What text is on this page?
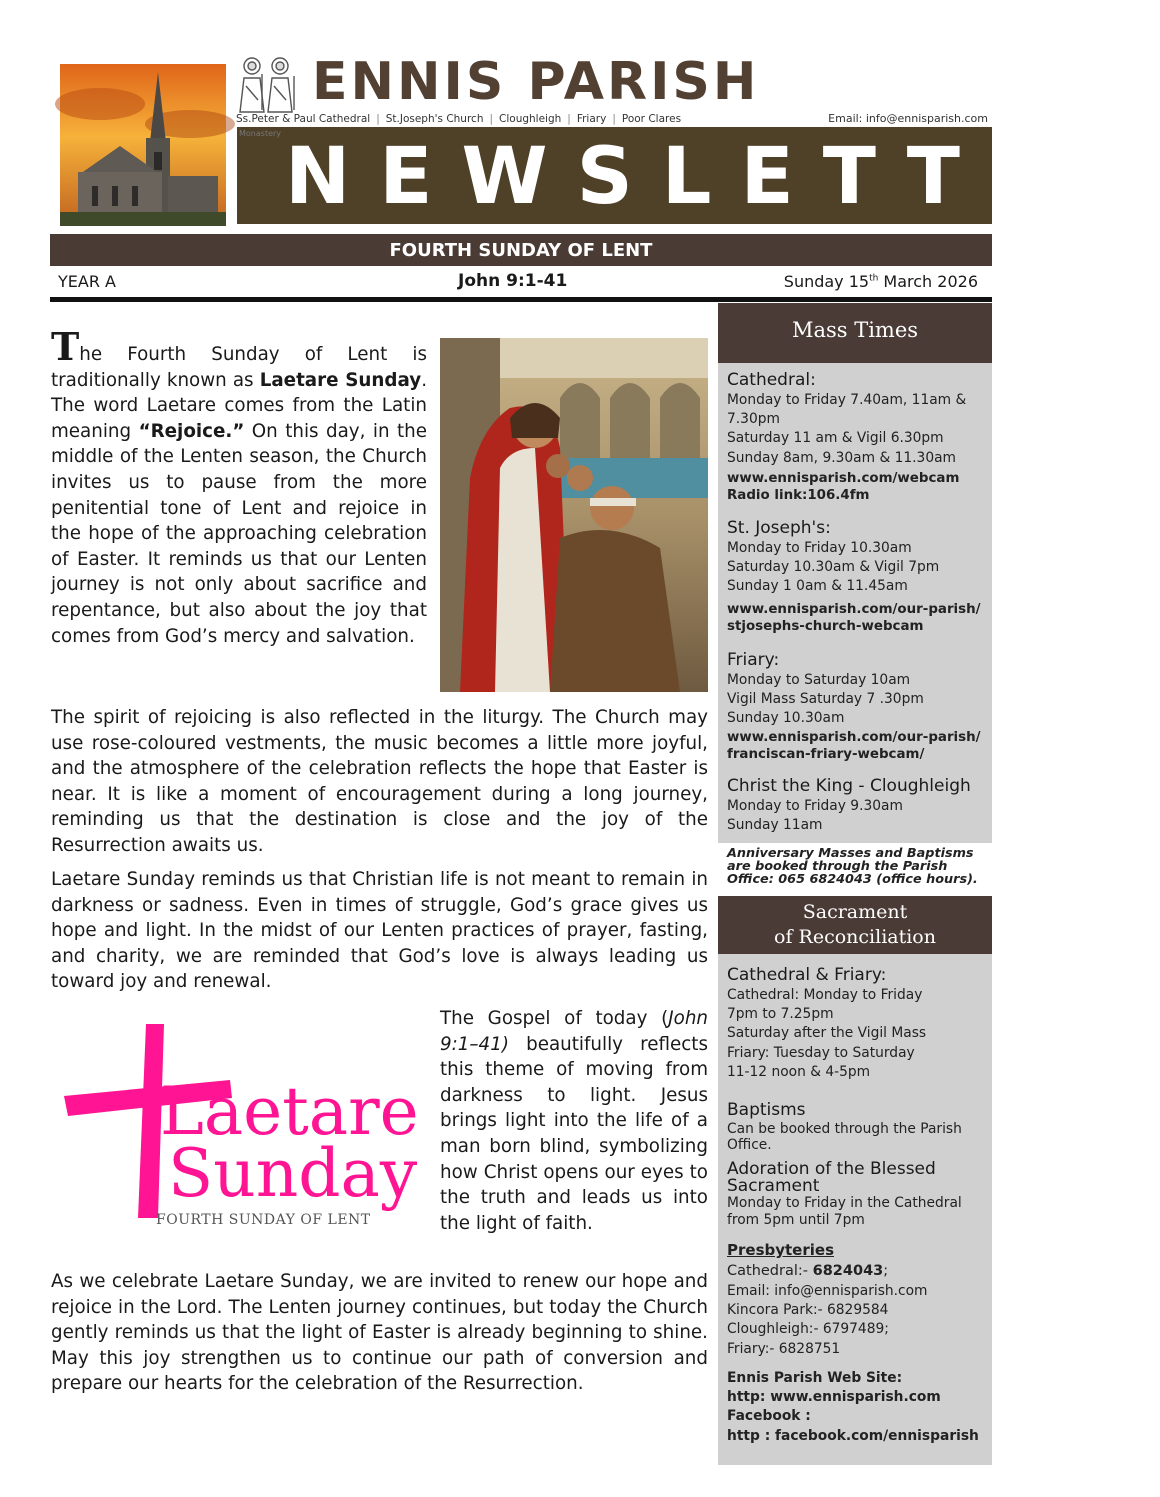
ENNIS PARISH
Ss.Peter & Paul Cathedral | St.Joseph's Church | Cloughleigh | Friary | Poor Clares	Email: info@ennisparish.com
Monastery NEWSLETTER
FOURTH SUNDAY OF LENT
YEAR A	John 9:1-41	Sunday 15th March 2026
The Fourth Sunday of Lent is traditionally known as Laetare Sunday. The word Laetare comes from the Latin meaning “Rejoice.” On this day, in the middle of the Lenten season, the Church invites us to pause from the more penitential tone of Lent and rejoice in the hope of the approaching celebration of Easter. It reminds us that our Lenten journey is not only about sacrifice and repentance, but also about the joy that comes from God’s mercy and salvation.
The spirit of rejoicing is also reflected in the liturgy. The Church may use rose-coloured vestments, the music becomes a little more joyful, and the atmosphere of the celebration reflects the hope that Easter is near. It is like a moment of encouragement during a long journey, reminding us that the destination is close and the joy of the Resurrection awaits us.
Laetare Sunday reminds us that Christian life is not meant to remain in darkness or sadness. Even in times of struggle, God’s grace gives us hope and light. In the midst of our Lenten practices of prayer, fasting, and charity, we are reminded that God’s love is always leading us toward joy and renewal.
Laetare
Sunday
FOURTH SUNDAY OF LENT
The Gospel of today (John 9:1–41) beautifully reflects this theme of moving from darkness to light. Jesus brings light into the life of a man born blind, symbolizing how Christ opens our eyes to the truth and leads us into the light of faith.
As we celebrate Laetare Sunday, we are invited to renew our hope and rejoice in the Lord. The Lenten journey continues, but today the Church gently reminds us that the light of Easter is already beginning to shine. May this joy strengthen us to continue our path of conversion and prepare our hearts for the celebration of the Resurrection.
Mass Times
Cathedral:
Monday to Friday 7.40am, 11am &
7.30pm
Saturday 11 am & Vigil 6.30pm
Sunday 8am, 9.30am & 11.30am
www.ennisparish.com/webcam
Radio link:106.4fm
St. Joseph's:
Monday to Friday 10.30am
Saturday 10.30am & Vigil 7pm
Sunday 1 0am & 11.45am
www.ennisparish.com/our-parish/
stjosephs-church-webcam
Friary:
Monday to Saturday 10am
Vigil Mass Saturday 7 .30pm
Sunday 10.30am
www.ennisparish.com/our-parish/
franciscan-friary-webcam/
Christ the King - Cloughleigh
Monday to Friday 9.30am
Sunday 11am
Anniversary Masses and Baptisms
are booked through the Parish
Office: 065 6824043 (office hours).
Sacrament
of Reconciliation
Cathedral & Friary:
Cathedral: Monday to Friday
7pm to 7.25pm
Saturday after the Vigil Mass
Friary: Tuesday to Saturday
11-12 noon & 4-5pm
Baptisms
Can be booked through the Parish
Office.
Adoration of the Blessed
Sacrament
Monday to Friday in the Cathedral
from 5pm until 7pm
Presbyteries
Cathedral:- 6824043;
Email: info@ennisparish.com
Kincora Park:- 6829584
Cloughleigh:- 6797489;
Friary:- 6828751
Ennis Parish Web Site:
http: www.ennisparish.com
Facebook :
http : facebook.com/ennisparish
